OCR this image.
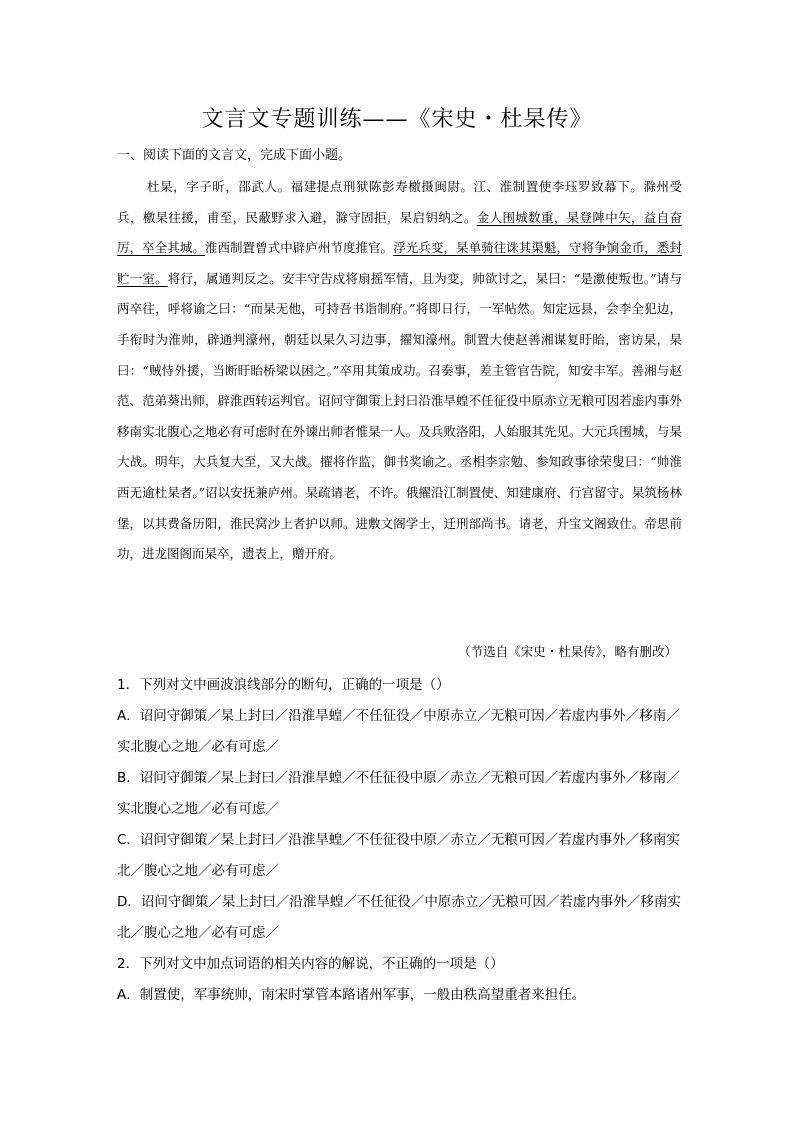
文言文专题训练——《宋史・杜杲传》
一、阅读下面的文言文，完成下面小题。

杜杲，字子昕，邵武人。福建提点刑狱陈彭寿檄摄闽尉。江、淮制置使李珏罗致幕下。滁州受兵，檄杲往援，甫至，民蔽野求入避，滁守固拒，杲启钥纳之。金人围城数重，杲登陴中矢，益自奋厉，卒全其城。淮西制置曾式中辟庐州节度推官。浮光兵变，杲单骑往诛其渠魁，守将争饷金币，悉封贮一室。将行，属通判反之。安丰守告戍将扇摇军情，且为变，帅欲讨之，杲曰：“是激使叛也。”请与两卒往，呼将谕之曰：“而杲无他，可持吾书诣制府。”将即日行，一军帖然。知定远县，会李全犯边，手衔时为淮帅，辟通判濠州，朝廷以杲久习边事，擢知濠州。制置大使赵善湘谋复盱眙，密访杲，杲曰：“贼恃外援，当断盱眙桥梁以困之。”卒用其策成功。召奏事，差主管官告院，知安丰军。善湘与赵范、范弟葵出师，辟淮西转运判官。诏问守御策上封曰沿淮旱蝗不任征役中原赤立无粮可因若虚内事外移南实北腹心之地必有可虑时在外谏出师者惟杲一人。及兵败洛阳，人始服其先见。大元兵围城，与杲大战。明年，大兵复大至，又大战。擢将作监，御书奖谕之。丞相李宗勉、参知政事徐荣叟曰：“帅淮西无逾杜杲者。”诏以安抚兼庐州。杲疏请老，不许。俄擢沿江制置使、知建康府、行宫留守。杲筑杨林堡，以其费备历阳，淮民窝沙上者护以师。进敷文阁学士，迁刑部尚书。请老，升宝文阁致仕。帝思前功，进龙图阁而杲卒，遗表上，赠开府。

（节选自《宋史・杜杲传》，略有删改）
1．下列对文中画波浪线部分的断句，正确的一项是（）
A．诏问守御策／杲上封曰／沿淮旱蝗／不任征役／中原赤立／无粮可因／若虚内事外／移南／实北腹心之地／必有可虑／
B．诏问守御策／杲上封曰／沿淮旱蝗／不任征役中原／赤立／无粮可因／若虚内事外／移南／实北腹心之地／必有可虑／
C．诏问守御策／杲上封曰／沿淮旱蝗／不任征役中原／赤立／无粮可因／若虚内事外／移南实北／腹心之地／必有可虑／
D．诏问守御策／杲上封曰／沿淮旱蝗／不任征役／中原赤立／无粮可因／若虚内事外／移南实北／腹心之地／必有可虑／
2．下列对文中加点词语的相关内容的解说，不正确的一项是（）
A．制置使，军事统帅，南宋时掌管本路诸州军事，一般由秩高望重者来担任。
